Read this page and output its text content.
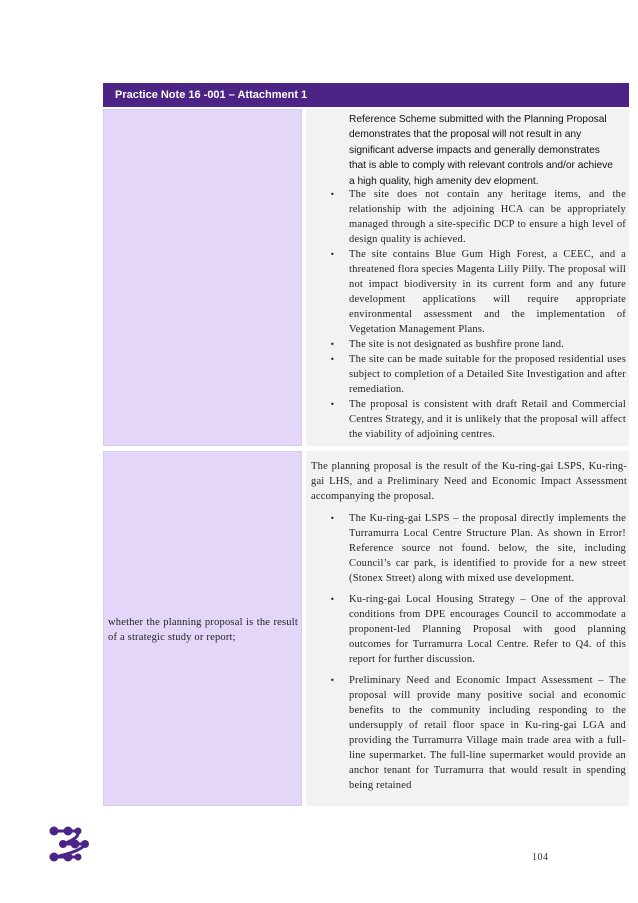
Practice Note 16 -001 – Attachment 1
Reference Scheme submitted with the Planning Proposal demonstrates that the proposal will not result in any significant adverse impacts and generally demonstrates that is able to comply with relevant controls and/or achieve a high quality, high amenity dev elopment.
• The site does not contain any heritage items, and the relationship with the adjoining HCA can be appropriately managed through a site-specific DCP to ensure a high level of design quality is achieved.
• The site contains Blue Gum High Forest, a CEEC, and a threatened flora species Magenta Lilly Pilly. The proposal will not impact biodiversity in its current form and any future development applications will require appropriate environmental assessment and the implementation of Vegetation Management Plans.
• The site is not designated as bushfire prone land.
• The site can be made suitable for the proposed residential uses subject to completion of a Detailed Site Investigation and after remediation.
• The proposal is consistent with draft Retail and Commercial Centres Strategy, and it is unlikely that the proposal will affect the viability of adjoining centres.
whether the planning proposal is the result of a strategic study or report;
The planning proposal is the result of the Ku-ring-gai LSPS, Ku-ring-gai LHS, and a Preliminary Need and Economic Impact Assessment accompanying the proposal.
• The Ku-ring-gai LSPS – the proposal directly implements the Turramurra Local Centre Structure Plan. As shown in Error! Reference source not found. below, the site, including Council’s car park, is identified to provide for a new street (Stonex Street) along with mixed use development.
• Ku-ring-gai Local Housing Strategy – One of the approval conditions from DPE encourages Council to accommodate a proponent-led Planning Proposal with good planning outcomes for Turramurra Local Centre. Refer to Q4. of this report for further discussion.
• Preliminary Need and Economic Impact Assessment – The proposal will provide many positive social and economic benefits to the community including responding to the undersupply of retail floor space in Ku-ring-gai LGA and providing the Turramurra Village main trade area with a full-line supermarket. The full-line supermarket would provide an anchor tenant for Turramurra that would result in spending being retained
104
